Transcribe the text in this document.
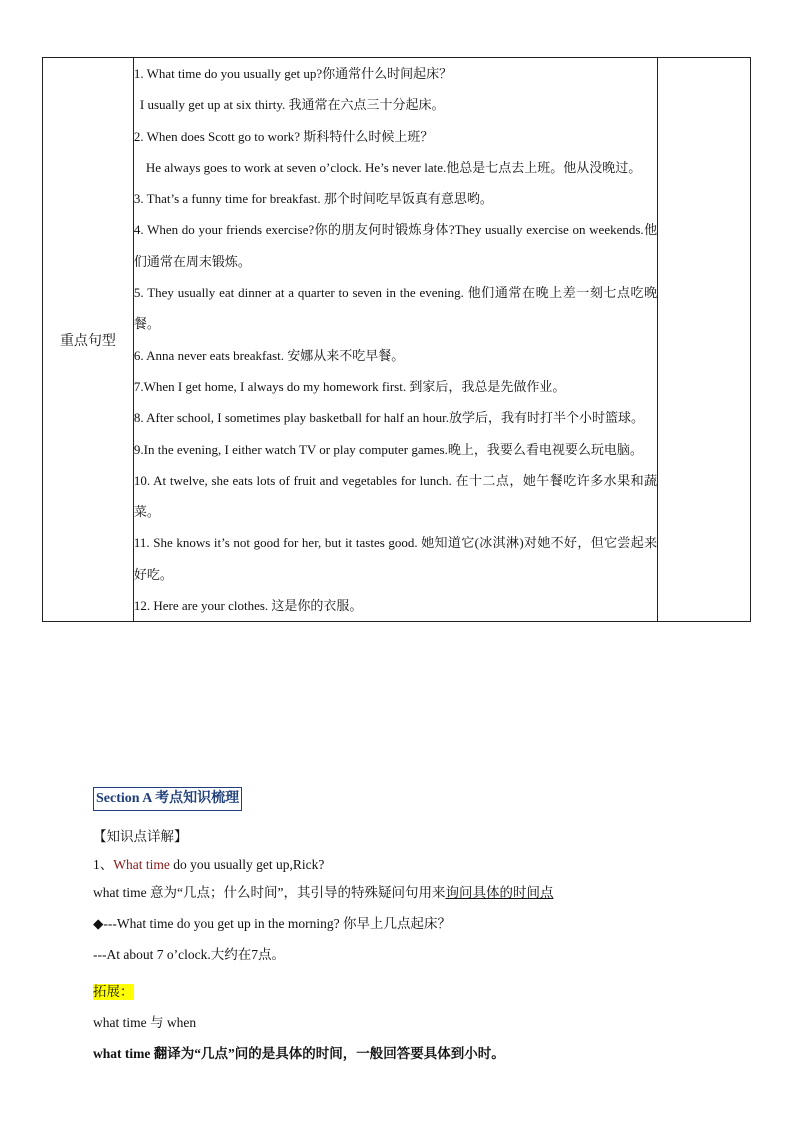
重点句型	
1. What time do you usually get up?你通常什么时间起床？
I usually get up at six thirty. 我通常在六点三十分起床。
2. When does Scott go to work? 斯科特什么时候上班？
He always goes to work at seven o’clock. He’s never late.他总是七点去上班。他从没晚过。
3. That’s a funny time for breakfast. 那个时间吃早饭真有意思哟。
4. When do your friends exercise?你的朋友何时锻炼身体?They usually exercise on weekends.他们通常在周末锻炼。
5. They usually eat dinner at a quarter to seven in the evening. 他们通常在晚上差一刻七点吃晚餐。
6. Anna never eats breakfast. 安娜从来不吃早餐。
7.When I get home, I always do my homework first. 到家后，我总是先做作业。
8. After school, I sometimes play basketball for half an hour.放学后，我有时打半个小时篮球。
9.In the evening, I either watch TV or play computer games.晚上，我要么看电视要么玩电脑。
10. At twelve, she eats lots of fruit and vegetables for lunch. 在十二点，她午餐吃许多水果和蔬菜。
11. She knows it’s not good for her, but it tastes good. 她知道它(冰淇淋)对她不好，但它尝起来好吃。
12. Here are your clothes. 这是你的衣服。

Section A 考点知识梳理
【知识点详解】
1、What time do you usually get up,Rick?
what time 意为“几点；什么时间”，其引导的特殊疑问句用来询问具体的时间点
◆---What time do you get up in the morning? 你早上几点起床？
---At about 7 o’clock.大约在7点。
拓展：
what time 与 when
what time 翻译为“几点”问的是具体的时间，一般回答要具体到小时。
